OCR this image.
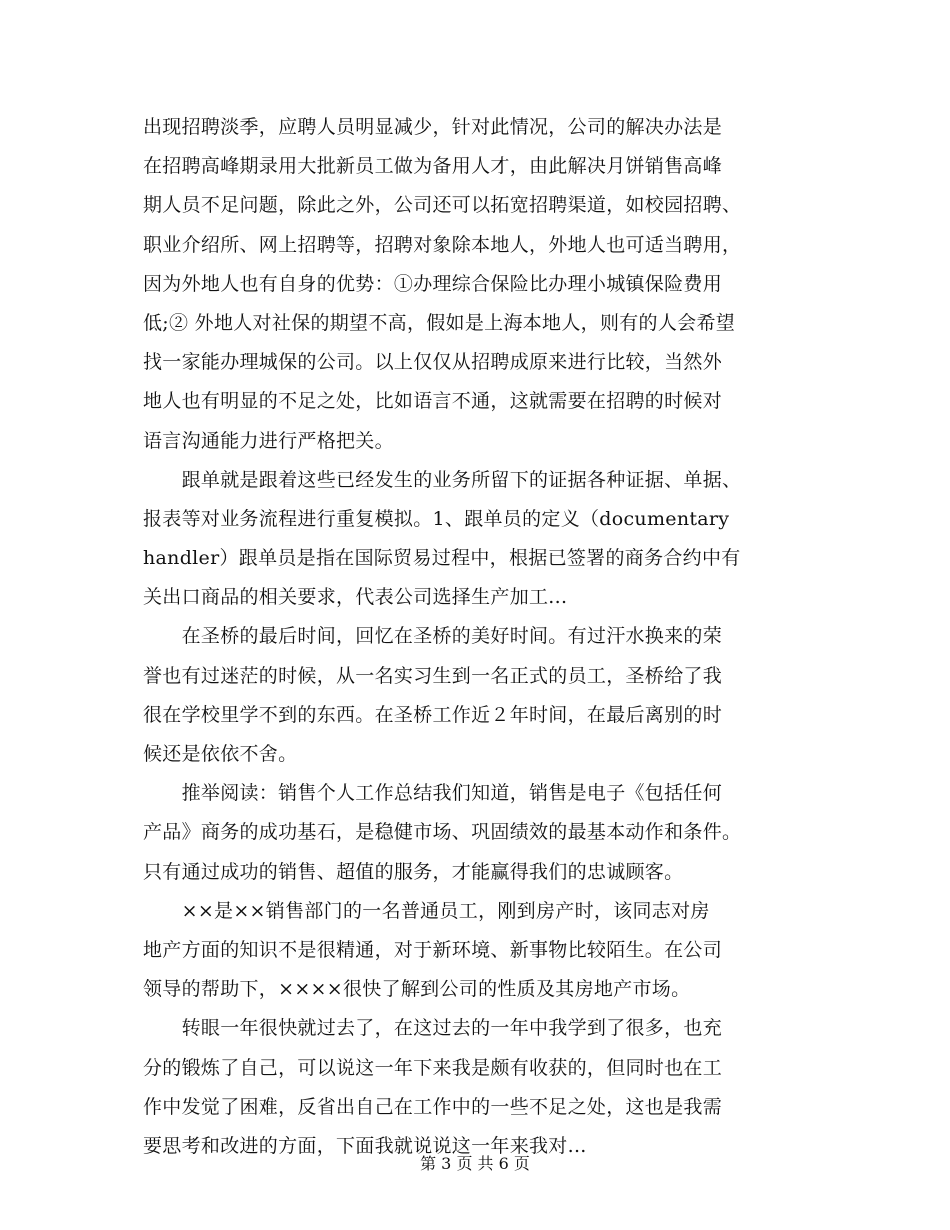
出现招聘淡季，应聘人员明显减少，针对此情况，公司的解决办法是
在招聘高峰期录用大批新员工做为备用人才，由此解决月饼销售高峰
期人员不足问题，除此之外，公司还可以拓宽招聘渠道，如校园招聘、
职业介绍所、网上招聘等，招聘对象除本地人，外地人也可适当聘用，
因为外地人也有自身的优势：①办理综合保险比办理小城镇保险费用
低;② 外地人对社保的期望不高，假如是上海本地人，则有的人会希望
找一家能办理城保的公司。以上仅仅从招聘成原来进行比较，当然外
地人也有明显的不足之处，比如语言不通，这就需要在招聘的时候对
语言沟通能力进行严格把关。
　　跟单就是跟着这些已经发生的业务所留下的证据各种证据、单据、
报表等对业务流程进行重复模拟。1、跟单员的定义（documentary
handler）跟单员是指在国际贸易过程中，根据已签署的商务合约中有
关出口商品的相关要求，代表公司选择生产加工...
　　在圣桥的最后时间，回忆在圣桥的美好时间。有过汗水换来的荣
誉也有过迷茫的时候，从一名实习生到一名正式的员工，圣桥给了我
很在学校里学不到的东西。在圣桥工作近２年时间，在最后离别的时
候还是依依不舍。
　　推举阅读：销售个人工作总结我们知道，销售是电子《包括任何
产品》商务的成功基石，是稳健市场、巩固绩效的最基本动作和条件。
只有通过成功的销售、超值的服务，才能赢得我们的忠诚顾客。
　　××是××销售部门的一名普通员工，刚到房产时，该同志对房
地产方面的知识不是很精通，对于新环境、新事物比较陌生。在公司
领导的帮助下，××××很快了解到公司的性质及其房地产市场。
　　转眼一年很快就过去了，在这过去的一年中我学到了很多，也充
分的锻炼了自己，可以说这一年下来我是颇有收获的，但同时也在工
作中发觉了困难，反省出自己在工作中的一些不足之处，这也是我需
要思考和改进的方面，下面我就说说这一年来我对...
第 3 页 共 6 页
